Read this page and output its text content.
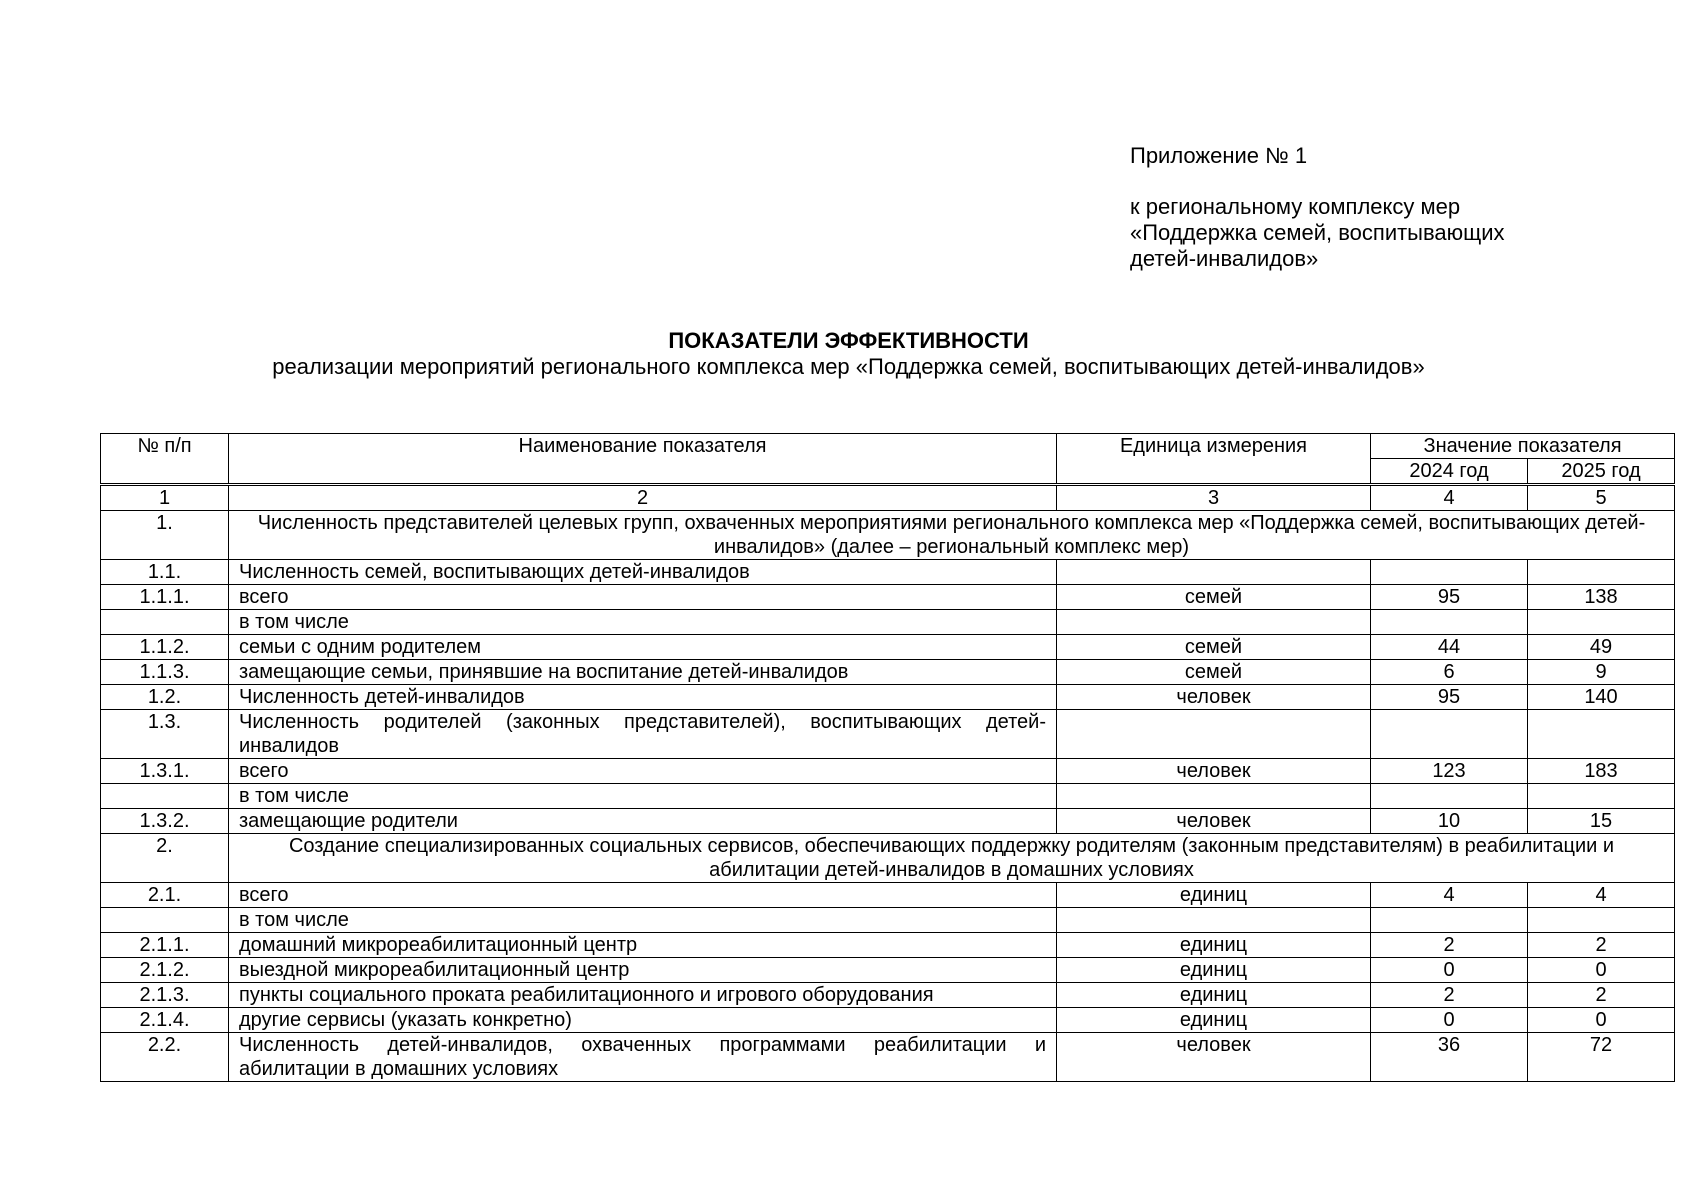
Приложение № 1
к региональному комплексу мер
«Поддержка семей, воспитывающих
детей-инвалидов»
ПОКАЗАТЕЛИ ЭФФЕКТИВНОСТИ
реализации мероприятий регионального комплекса мер «Поддержка семей, воспитывающих детей-инвалидов»
№ п/п	Наименование показателя	Единица измерения	Значение показателя	
			2024 год	2025 год
1	2	3	4	5
1.	Численность представителей целевых групп, охваченных мероприятиями регионального комплекса мер «Поддержка семей, воспитывающих детей-инвалидов» (далее – региональный комплекс мер)			
1.1.	Численность семей, воспитывающих детей-инвалидов			
1.1.1.	всего	семей	95	138
	в том числе			
1.1.2.	семьи с одним родителем	семей	44	49
1.1.3.	замещающие семьи, принявшие на воспитание детей-инвалидов	семей	6	9
1.2.	Численность детей-инвалидов	человек	95	140
1.3.	Численность родителей (законных представителей), воспитывающих детей-инвалидов			
1.3.1.	всего	человек	123	183
	в том числе			
1.3.2.	замещающие родители	человек	10	15
2.	Создание специализированных социальных сервисов, обеспечивающих поддержку родителям (законным представителям) в реабилитации и абилитации детей-инвалидов в домашних условиях			
2.1.	всего	единиц	4	4
	в том числе			
2.1.1.	домашний микрореабилитационный центр	единиц	2	2
2.1.2.	выездной микрореабилитационный центр	единиц	0	0
2.1.3.	пункты социального проката реабилитационного и игрового оборудования	единиц	2	2
2.1.4.	другие сервисы (указать конкретно)	единиц	0	0
2.2.	Численность детей-инвалидов, охваченных программами реабилитации и абилитации в домашних условиях	человек	36	72
